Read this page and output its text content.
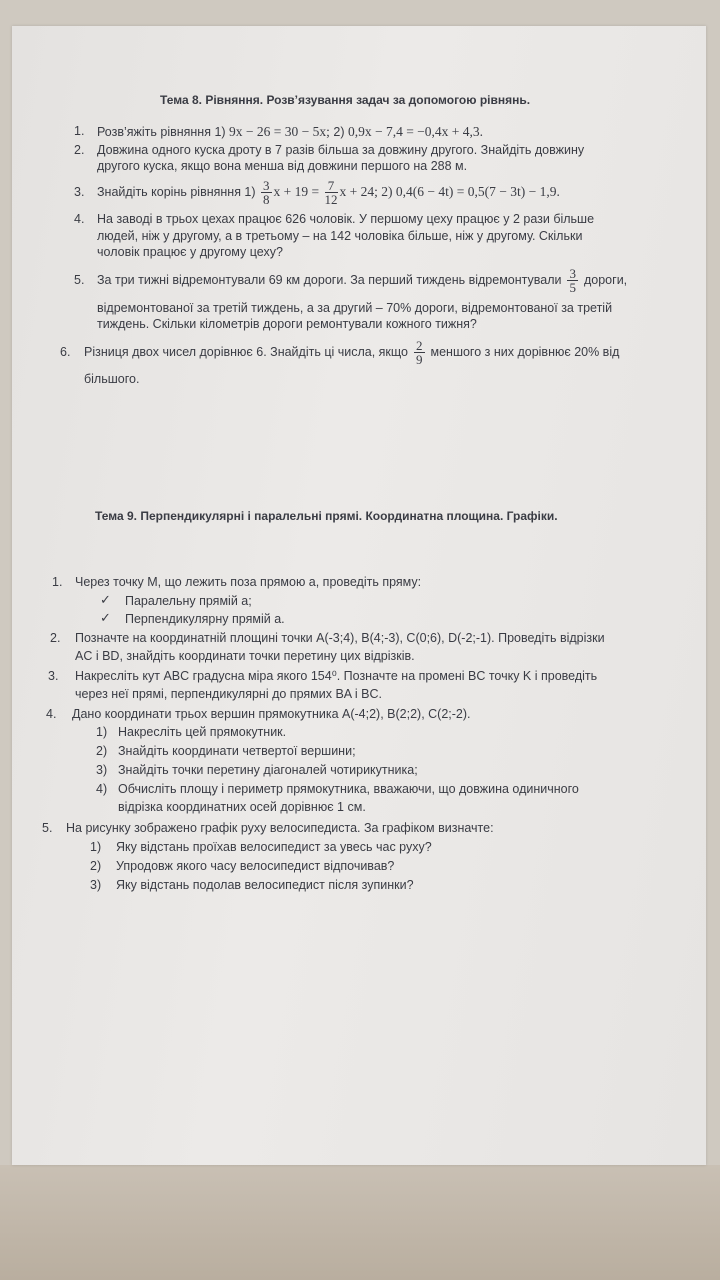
Тема 8. Рівняння. Розв’язування задач за допомогою рівнянь.
1. Розв’яжіть рівняння 1) 9x − 26 = 30 − 5x; 2) 0,9x − 7,4 = −0,4x + 4,3.
2. Довжина одного куска дроту в 7 разів більша за довжину другого. Знайдіть довжину
другого куска, якщо вона менша від довжини першого на 288 м.
3. Знайдіть корінь рівняння $1) \frac{3}{8}$ $x + 19 = \frac{7}{12}$ x + 24; 2) 0,4(6 − 4t) = 0,5(7 − 3t) − 1,9.
4. На заводі в трьох цехах працює 626 чоловік. У першому цеху працює у 2 рази більше
людей, ніж у другому, а в третьому – на 142 чоловіка більше, ніж у другому. Скільки
чоловік працює у другому цеху?
5. За три тижні відремонтували 69 км дороги. За перший тиждень відремонтували $\frac{3}{5}$ дороги,
відремонтованої за третій тиждень, а за другий – 70% дороги, відремонтованої за третій
тиждень. Скільки кілометрів дороги ремонтували кожного тижня?
6. Різниця двох чисел дорівнює 6. Знайдіть ці числа, якщо $\frac{2}{9}$ меншого з них дорівнює 20% від
більшого.
Тема 9. Перпендикулярні і паралельні прямі. Координатна площина. Графіки.
1. Через точку М, що лежить поза прямою а, проведіть пряму:
✓ Паралельну прямій а;
✓ Перпендикулярну прямій а.
2. Позначте на координатній площині точки A(-3;4), B(4;-3), C(0;6), D(-2;-1). Проведіть відрізки
AC і BD, знайдіть координати точки перетину цих відрізків.
3. Накресліть кут ABC градусна міра якого 154⁰. Позначте на промені BC точку K і проведіть
через неї прямі, перпендикулярні до прямих BA і BC.
4. Дано координати трьох вершин прямокутника A(-4;2), B(2;2), C(2;-2).
1) Накресліть цей прямокутник.
2) Знайдіть координати четвертої вершини;
3) Знайдіть точки перетину діагоналей чотирикутника;
4) Обчисліть площу і периметр прямокутника, вважаючи, що довжина одиничного
відрізка координатних осей дорівнює 1 см.
5. На рисунку зображено графік руху велосипедиста. За графіком визначте:
1) Яку відстань проїхав велосипедист за увесь час руху?
2) Упродовж якого часу велосипедист відпочивав?
3) Яку відстань подолав велосипедист після зупинки?
